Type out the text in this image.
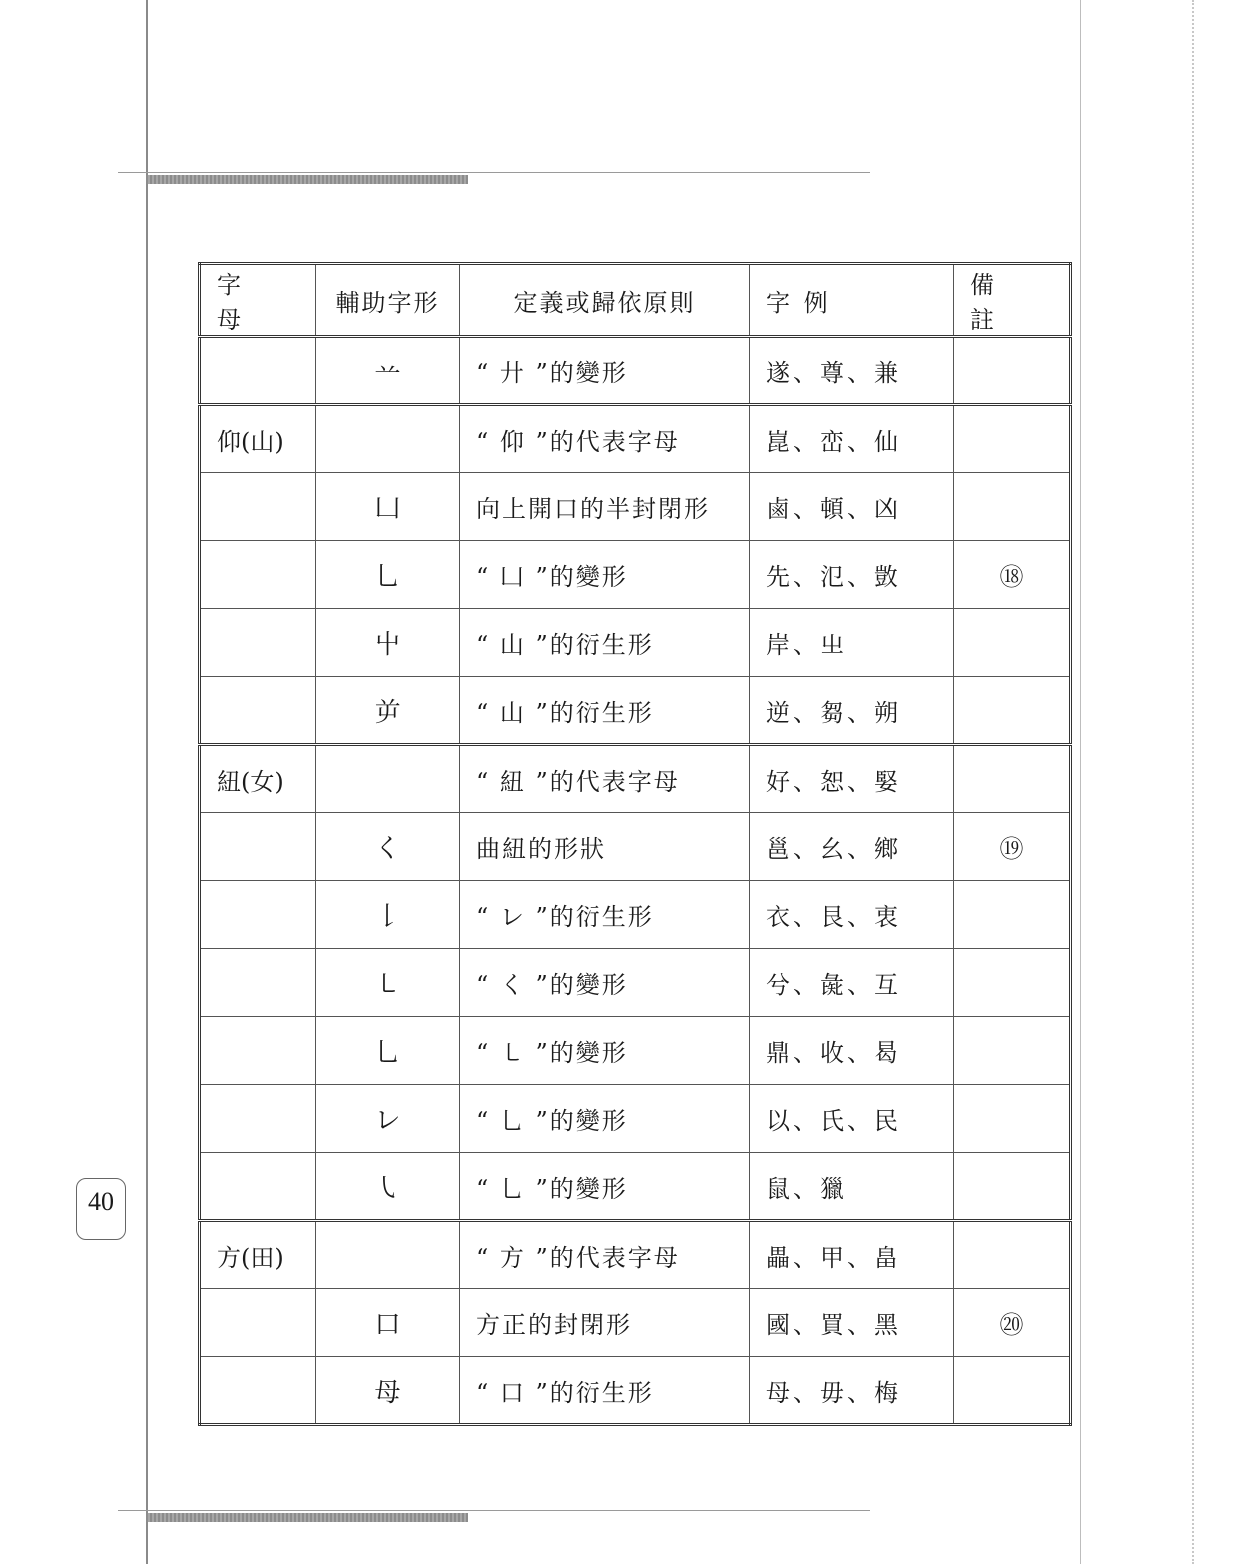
40
字 母	輔助字形	定義或歸依原則	字 例	備 註
	䒑	“ 廾 ”的變形	遂、尊、兼	
仰(山)		“ 仰 ”的代表字母	崑、峦、仙	
	凵	向上開口的半封閉形	鹵、頓、凶	
	乚	“ 凵 ”的變形	先、氾、敳	⑱
	屮	“ 山 ”的衍生形	岸、㞢	
	屰	“ 山 ”的衍生形	逆、芻、朔	
紐(女)		“ 紐 ”的代表字母	好、恕、婜	
	く	曲紐的形狀	邕、幺、鄉	⑲
	𠄌	“ レ ”的衍生形	衣、艮、衷	
	㇄	“ く ”的變形	兮、彘、互	
	乚	“ ㇄ ”的變形	鼎、收、曷	
	レ	“ 乚 ”的變形	以、氏、民	
	㇂	“ 乚 ”的變形	鼠、獵	
方(田)		“ 方 ”的代表字母	畾、甲、畠	
	口	方正的封閉形	國、買、黑	⑳
	母	“ 口 ”的衍生形	母、毋、梅	
